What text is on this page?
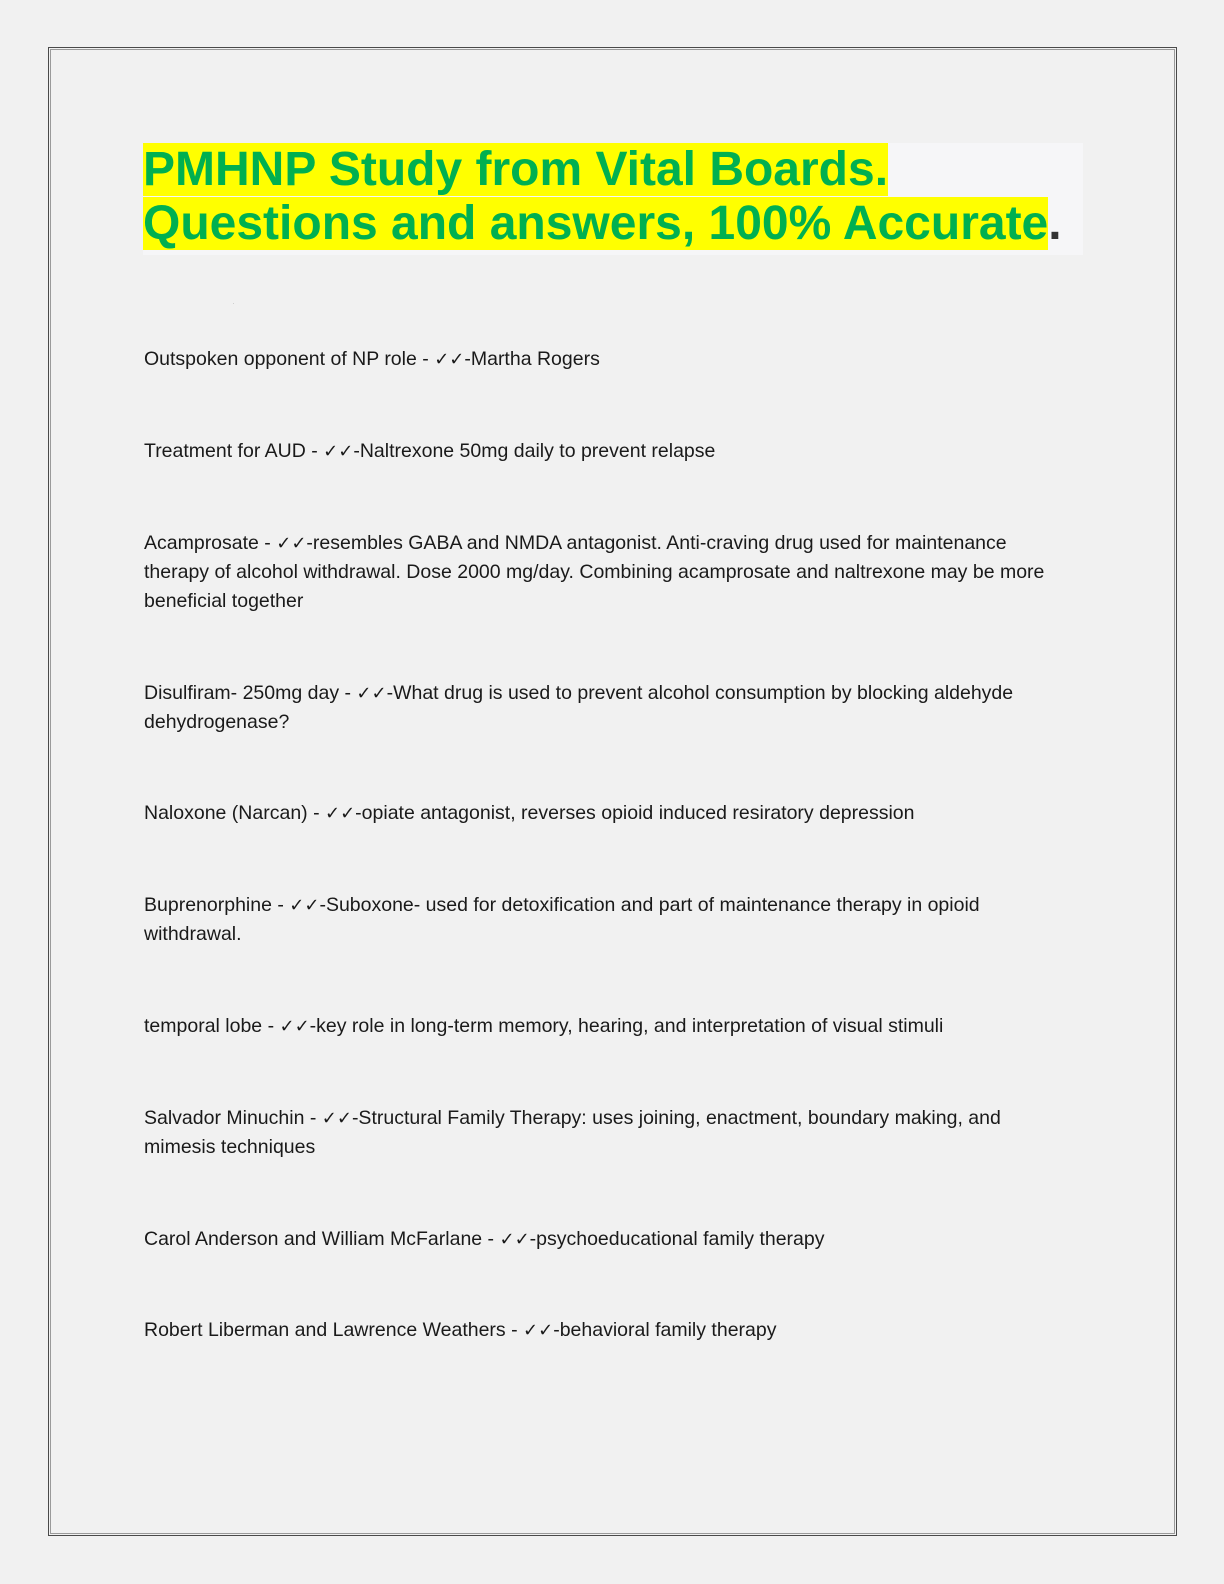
PMHNP Study from Vital Boards.
Questions and answers, 100% Accurate.

Outspoken opponent of NP role - ✓✓-Martha Rogers

Treatment for AUD - ✓✓-Naltrexone 50mg daily to prevent relapse

Acamprosate - ✓✓-resembles GABA and NMDA antagonist. Anti-craving drug used for maintenance therapy of alcohol withdrawal. Dose 2000 mg/day. Combining acamprosate and naltrexone may be more beneficial together

Disulfiram- 250mg day - ✓✓-What drug is used to prevent alcohol consumption by blocking aldehyde dehydrogenase?

Naloxone (Narcan) - ✓✓-opiate antagonist, reverses opioid induced resiratory depression

Buprenorphine - ✓✓-Suboxone- used for detoxification and part of maintenance therapy in opioid withdrawal.

temporal lobe - ✓✓-key role in long-term memory, hearing, and interpretation of visual stimuli

Salvador Minuchin - ✓✓-Structural Family Therapy: uses joining, enactment, boundary making, and mimesis techniques

Carol Anderson and William McFarlane - ✓✓-psychoeducational family therapy

Robert Liberman and Lawrence Weathers - ✓✓-behavioral family therapy
